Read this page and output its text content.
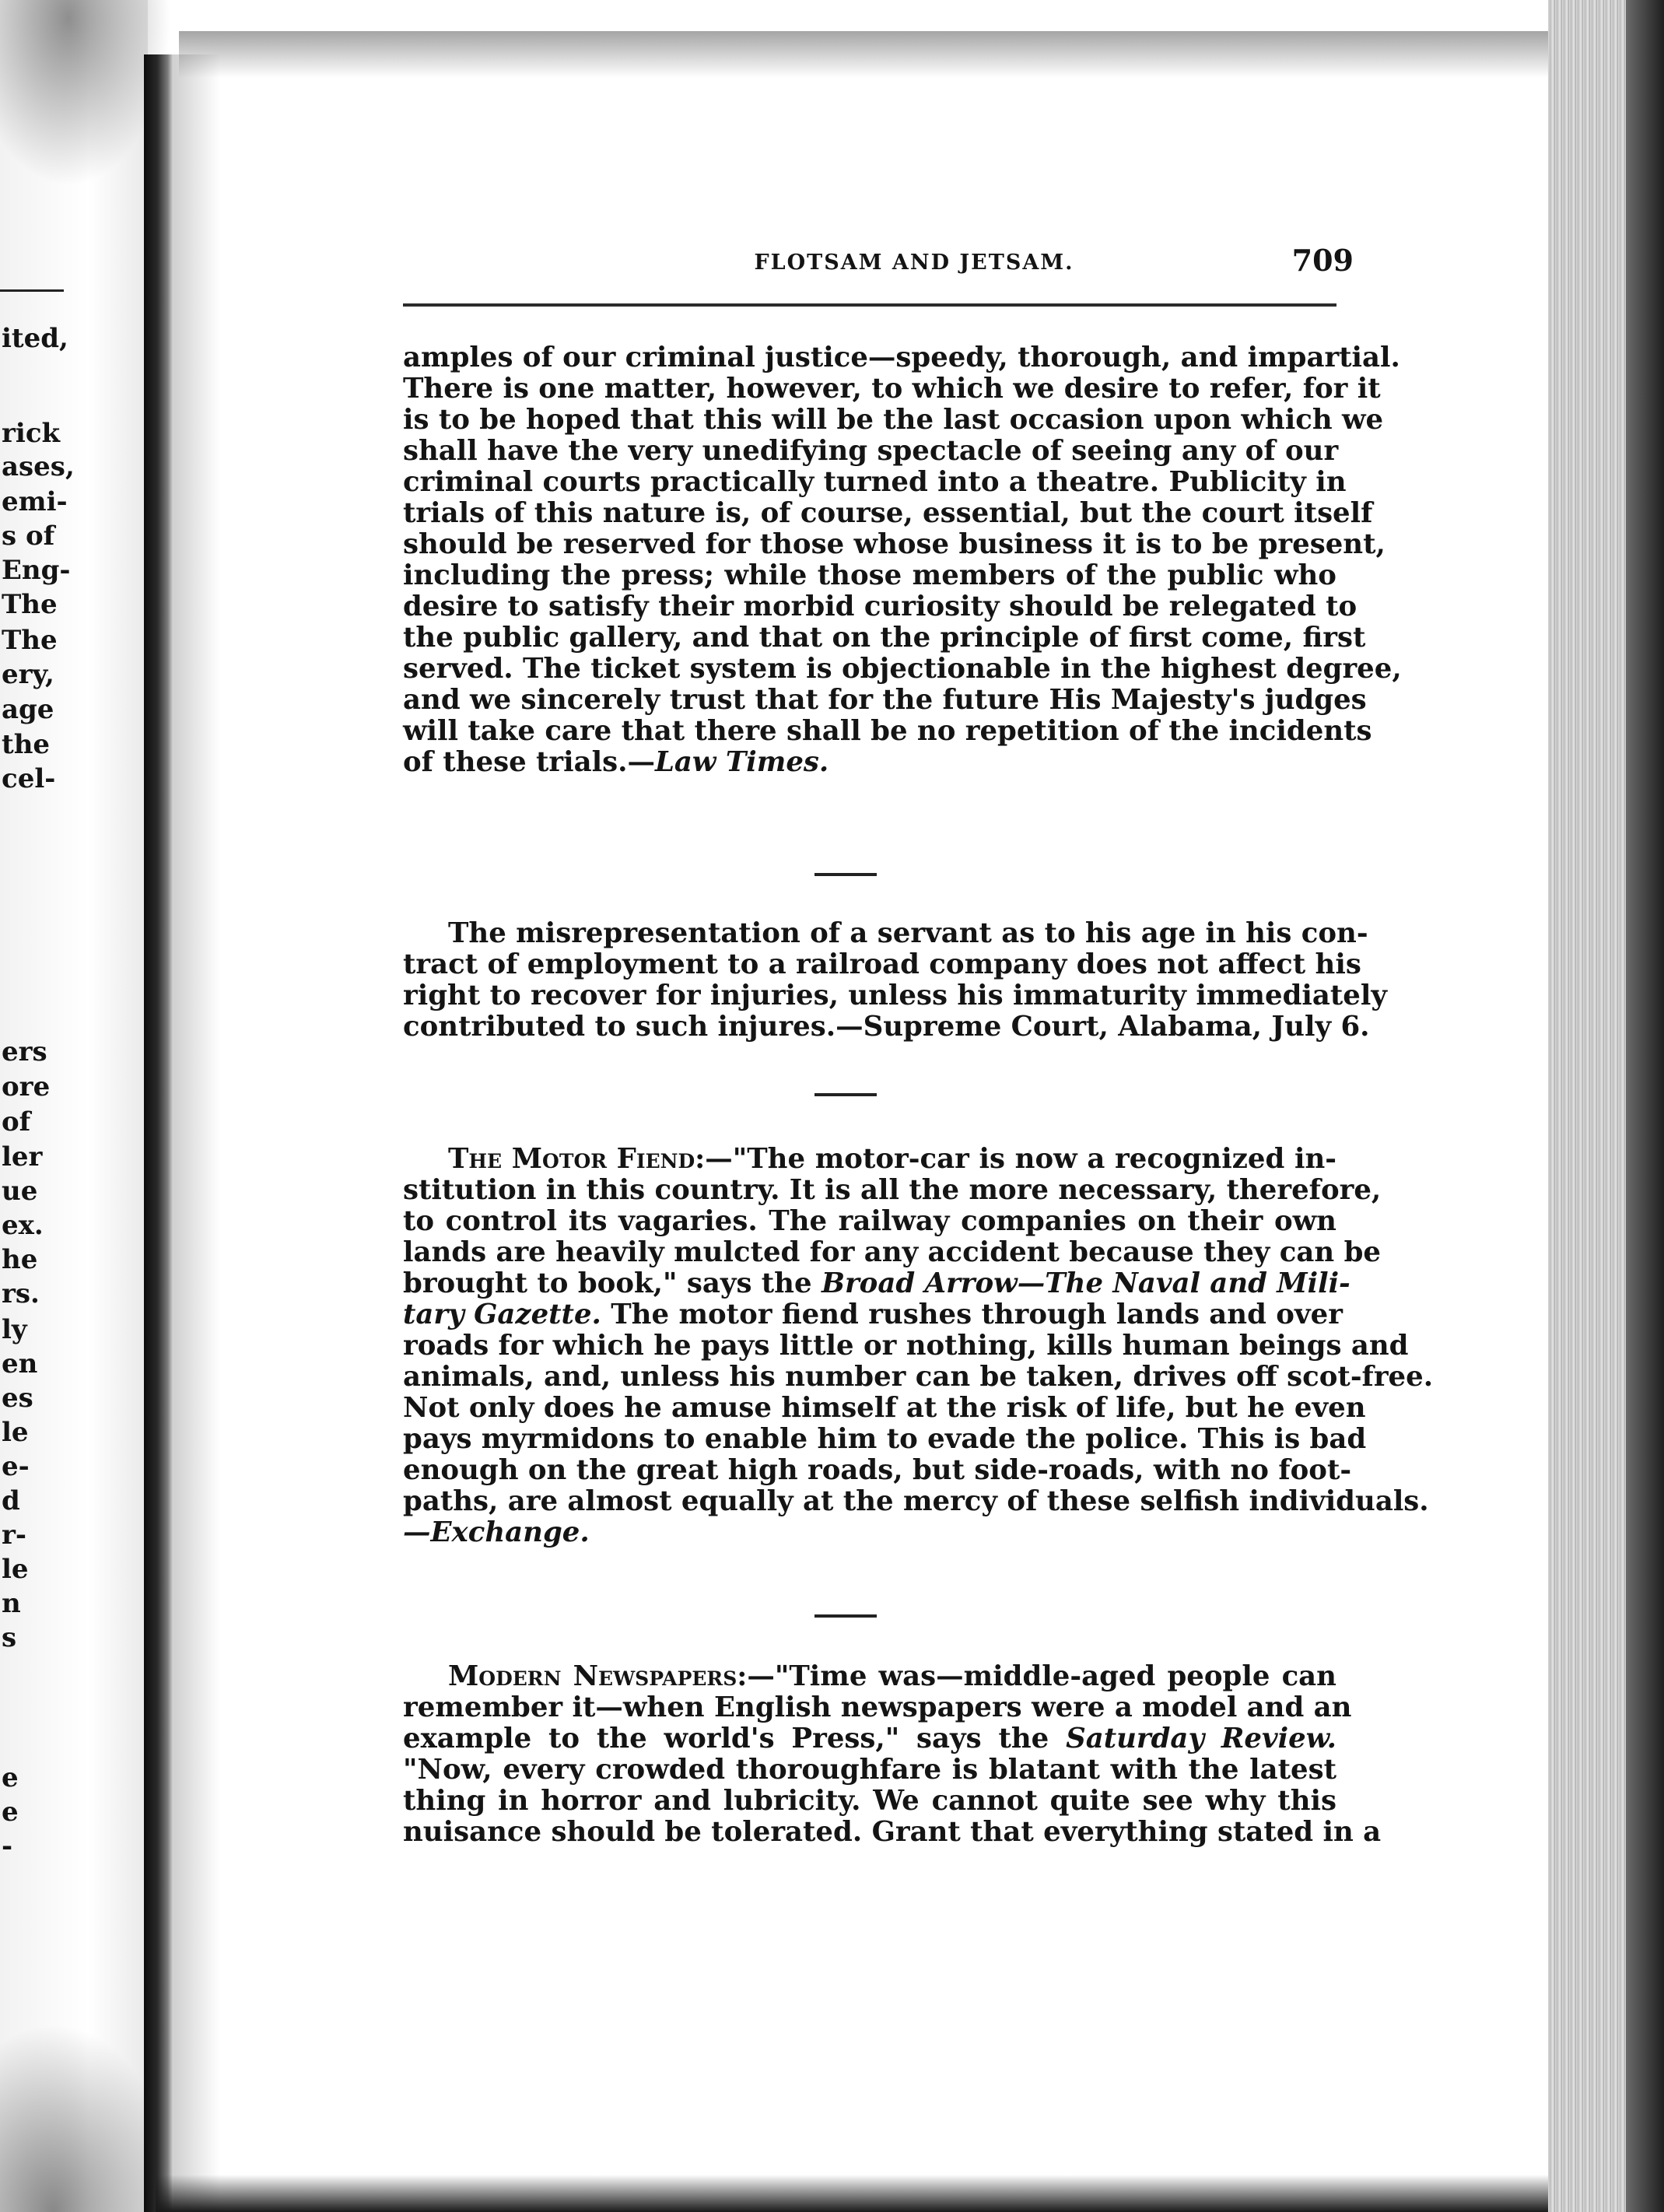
ited,
rick
ases,
emi-
s of
Eng-
The
The
ery,
age
the
cel-
ers
ore
of
ler
ue
ex.
he
rs.
ly
en
es
le
e-
d
r-
le
n
s
e
e
-
FLOTSAM AND JETSAM.	709
amples of our criminal justice—speedy, thorough, and impartial.
There is one matter, however, to which we desire to refer, for it
is to be hoped that this will be the last occasion upon which we
shall have the very unedifying spectacle of seeing any of our
criminal courts practically turned into a theatre. Publicity in
trials of this nature is, of course, essential, but the court itself
should be reserved for those whose business it is to be present,
including the press; while those members of the public who
desire to satisfy their morbid curiosity should be relegated to
the public gallery, and that on the principle of first come, first
served. The ticket system is objectionable in the highest degree,
and we sincerely trust that for the future His Majesty's judges
will take care that there shall be no repetition of the incidents
of these trials.—Law Times.
The misrepresentation of a servant as to his age in his con-
tract of employment to a railroad company does not affect his
right to recover for injuries, unless his immaturity immediately
contributed to such injures.—Supreme Court, Alabama, July 6.
The Motor Fiend:—"The motor-car is now a recognized in-
stitution in this country. It is all the more necessary, therefore,
to control its vagaries. The railway companies on their own
lands are heavily mulcted for any accident because they can be
brought to book," says the Broad Arrow—The Naval and Mili-
tary Gazette. The motor fiend rushes through lands and over
roads for which he pays little or nothing, kills human beings and
animals, and, unless his number can be taken, drives off scot-free.
Not only does he amuse himself at the risk of life, but he even
pays myrmidons to enable him to evade the police. This is bad
enough on the great high roads, but side-roads, with no foot-
paths, are almost equally at the mercy of these selfish individuals.
—Exchange.
Modern Newspapers:—"Time was—middle-aged people can
remember it—when English newspapers were a model and an
example to the world's Press," says the Saturday Review.
"Now, every crowded thoroughfare is blatant with the latest
thing in horror and lubricity. We cannot quite see why this
nuisance should be tolerated. Grant that everything stated in a
